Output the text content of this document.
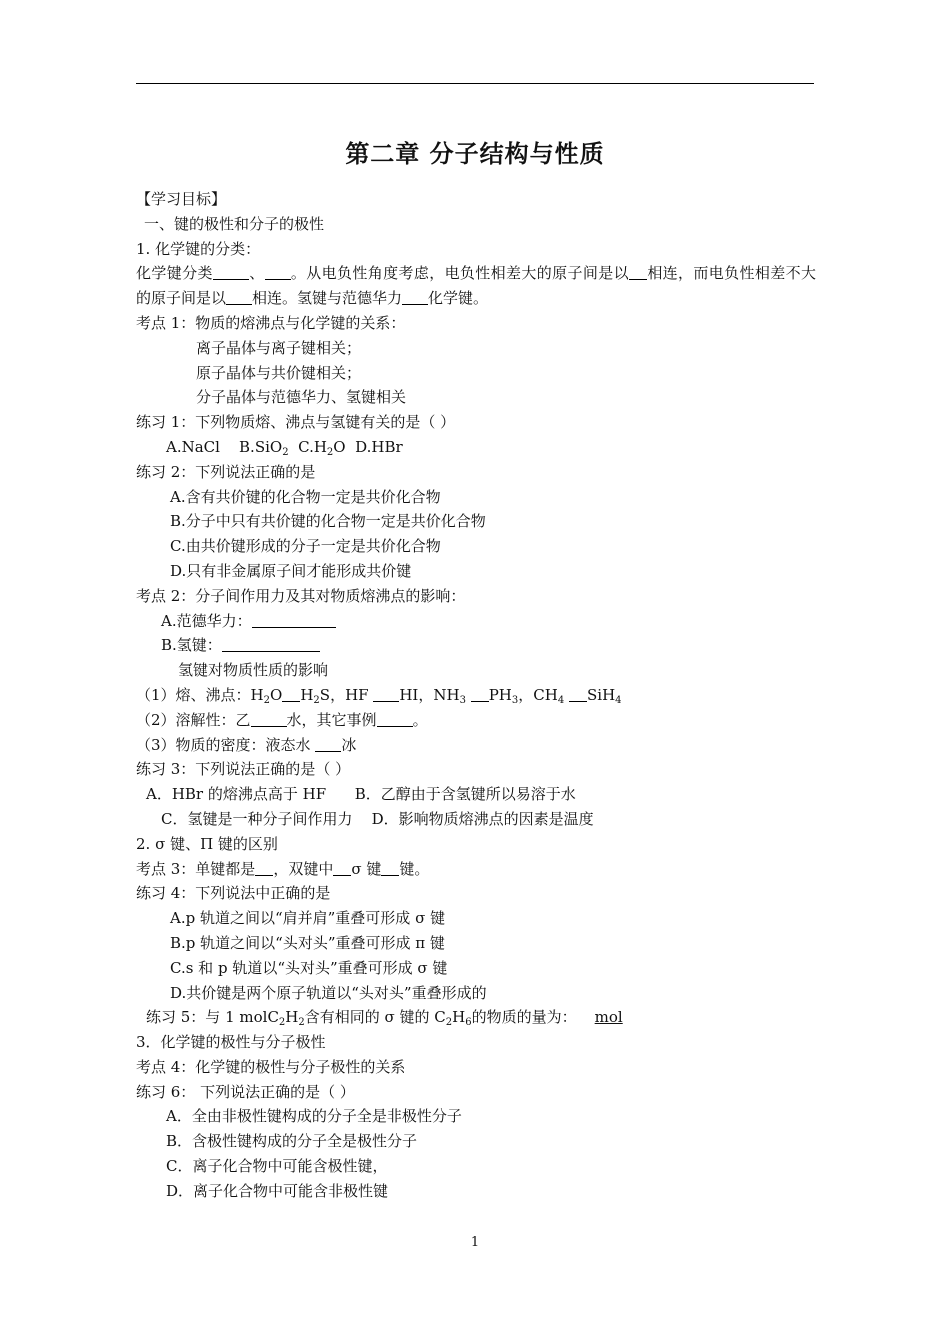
第二章 分子结构与性质
【学习目标】
一、键的极性和分子的极性
1. 化学键的分类：
化学键分类 、 。从电负性角度考虑，电负性相差大的原子间是以 相连，而电负性相差不大的原子间是以 相连。氢键与范德华力 化学键。
考点 1：物质的熔沸点与化学键的关系：
离子晶体与离子键相关；
原子晶体与共价键相关；
分子晶体与范德华力、氢键相关
练习 1：下列物质熔、沸点与氢键有关的是（ ）
A.NaCl B.SiO$_2$ $C.H_2O$ D.HBr
练习 2：下列说法正确的是
A.含有共价键的化合物一定是共价化合物
B.分子中只有共价键的化合物一定是共价化合物
C.由共价键形成的分子一定是共价化合物
D.只有非金属原子间才能形成共价键
考点 2：分子间作用力及其对物质熔沸点的影响：
A.范德华力：
B.氢键：
氢键对物质性质的影响
（1）熔、沸点：$H_2O$ $H_2S$，HF HI，$NH_3$ $PH_3$，$CH_4$ SiH$_4$
（2）溶解性：乙 水，其它事例 。
（3）物质的密度：液态水 冰
练习 3：下列说法正确的是（ ）
A．HBr 的熔沸点高于 HF B．乙醇由于含氢键所以易溶于水
C．氢键是一种分子间作用力 D．影响物质熔沸点的因素是温度
2. σ 键、Π 键的区别
考点 3：单键都是 ，双键中 σ 键 键。
练习 4：下列说法中正确的是
A.p 轨道之间以“肩并肩”重叠可形成 σ 键
B.p 轨道之间以“头对头”重叠可形成 π 键
C.s 和 p 轨道以“头对头”重叠可形成 σ 键
D.共价键是两个原子轨道以“头对头”重叠形成的
练习 5：与 1 $molC_2H_2$含有相同的 σ 键的 $C_2H_6$的物质的量为： mol
3．化学键的极性与分子极性
考点 4：化学键的极性与分子极性的关系
练习 6： 下列说法正确的是（ ）
A．全由非极性键构成的分子全是非极性分子
B．含极性键构成的分子全是极性分子
C．离子化合物中可能含极性键，
D．离子化合物中可能含非极性键
1
